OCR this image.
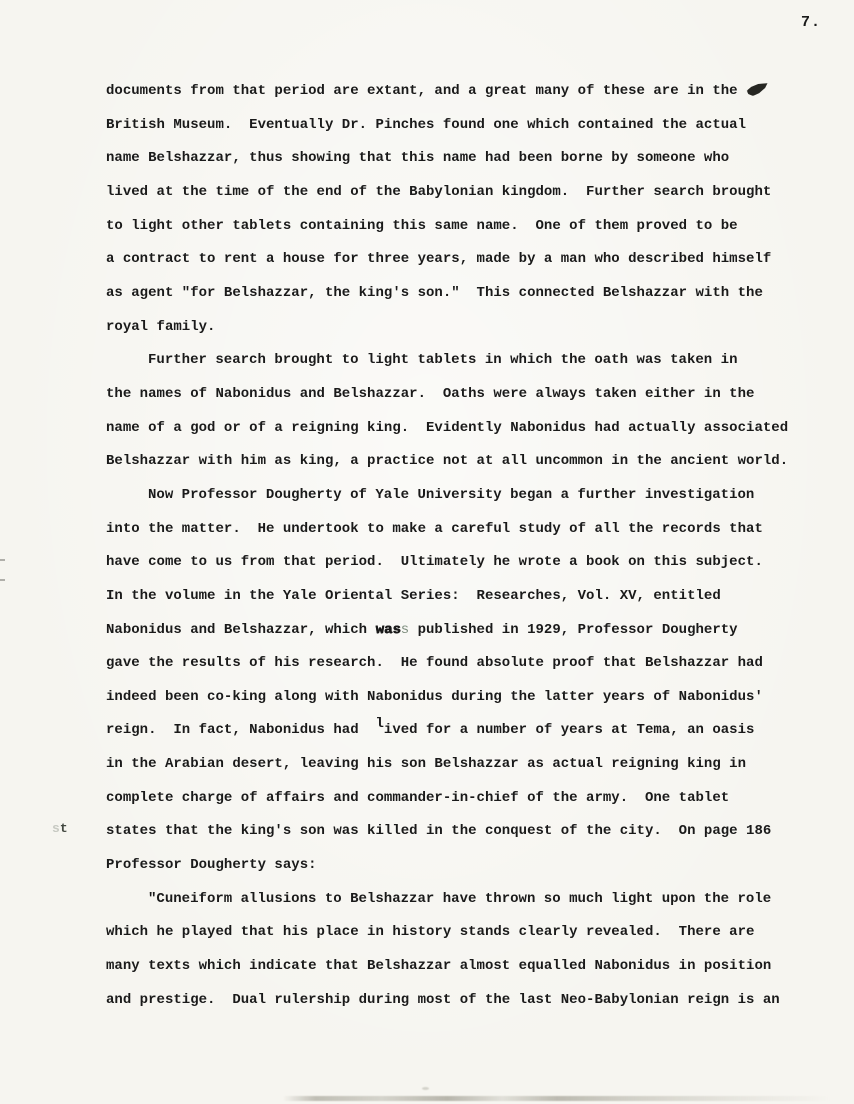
7.
documents from that period are extant, and a great many of these are in the
British Museum.  Eventually Dr. Pinches found one which contained the actual
name Belshazzar, thus showing that this name had been borne by someone who
lived at the time of the end of the Babylonian kingdom.  Further search brought
to light other tablets containing this same name.  One of them proved to be
a contract to rent a house for three years, made by a man who described himself
as agent "for Belshazzar, the king's son."  This connected Belshazzar with the
royal family.
Further search brought to light tablets in which the oath was taken in
the names of Nabonidus and Belshazzar.  Oaths were always taken either in the
name of a god or of a reigning king.  Evidently Nabonidus had actually associated
Belshazzar with him as king, a practice not at all uncommon in the ancient world.
Now Professor Dougherty of Yale University began a further investigation
into the matter.  He undertook to make a careful study of all the records that
have come to us from that period.  Ultimately he wrote a book on this subject.
In the volume in the Yale Oriental Series:  Researches, Vol. XV, entitled
Nabonidus and Belshazzar, which wass published in 1929, Professor Dougherty
gave the results of his research.  He found absolute proof that Belshazzar had
indeed been co-king along with Nabonidus during the latter years of Nabonidus'
reign.  In fact, Nabonidus had  lived for a number of years at Tema, an oasis
in the Arabian desert, leaving his son Belshazzar as actual reigning king in
complete charge of affairs and commander-in-chief of the army.  One tablet
states that the king's son was killed in the conquest of the city.  On page 186
Professor Dougherty says:
"Cuneiform allusions to Belshazzar have thrown so much light upon the role
which he played that his place in history stands clearly revealed.  There are
many texts which indicate that Belshazzar almost equalled Nabonidus in position
and prestige.  Dual rulership during most of the last Neo-Babylonian reign is an
st
